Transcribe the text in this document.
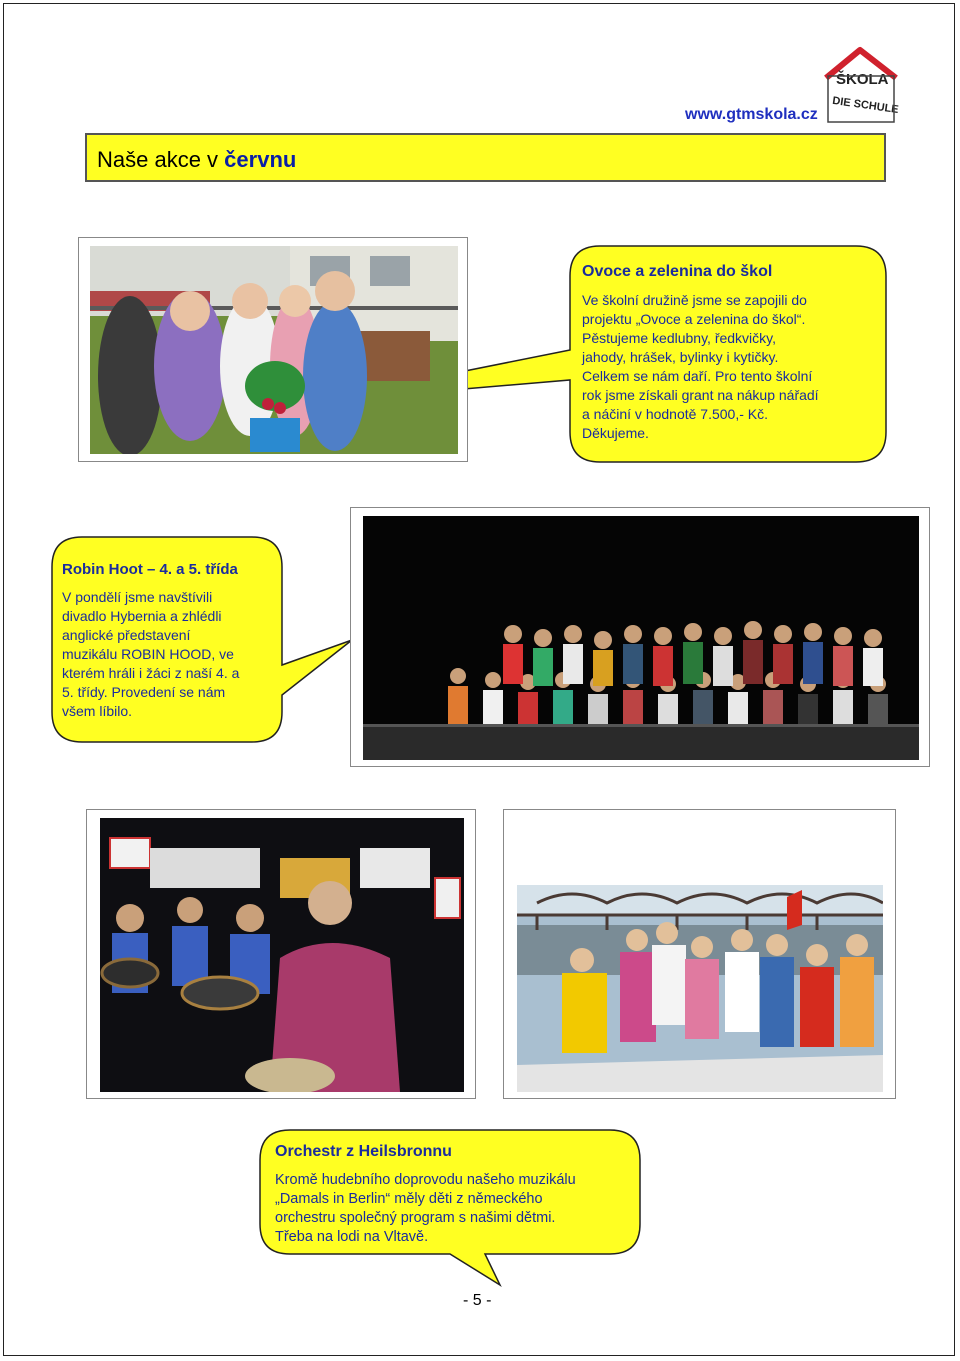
www.gtmskola.cz
ŠKOLA
DIE SCHULE
Naše akce v červnu
Ovoce a zelenina do škol
Ve školní družině jsme se zapojili do
projektu „Ovoce a zelenina do škol“.
Pěstujeme kedlubny, ředkvičky,
jahody, hrášek, bylinky i kytičky.
Celkem se nám daří. Pro tento školní
rok jsme získali grant na nákup nářadí
a náčiní v hodnotě 7.500,- Kč.
Děkujeme.
Robin Hoot – 4. a 5. třída
V pondělí jsme navštívili
divadlo Hybernia a zhlédli
anglické představení
muzikálu ROBIN HOOD, ve
kterém hráli i žáci z naší 4. a
5. třídy. Provedení se nám
všem líbilo.
Orchestr z Heilsbronnu
Kromě hudebního doprovodu našeho muzikálu
„Damals in Berlin“ měly děti z německého
orchestru společný program s našimi dětmi.
Třeba na lodi na Vltavě.
- 5 -
